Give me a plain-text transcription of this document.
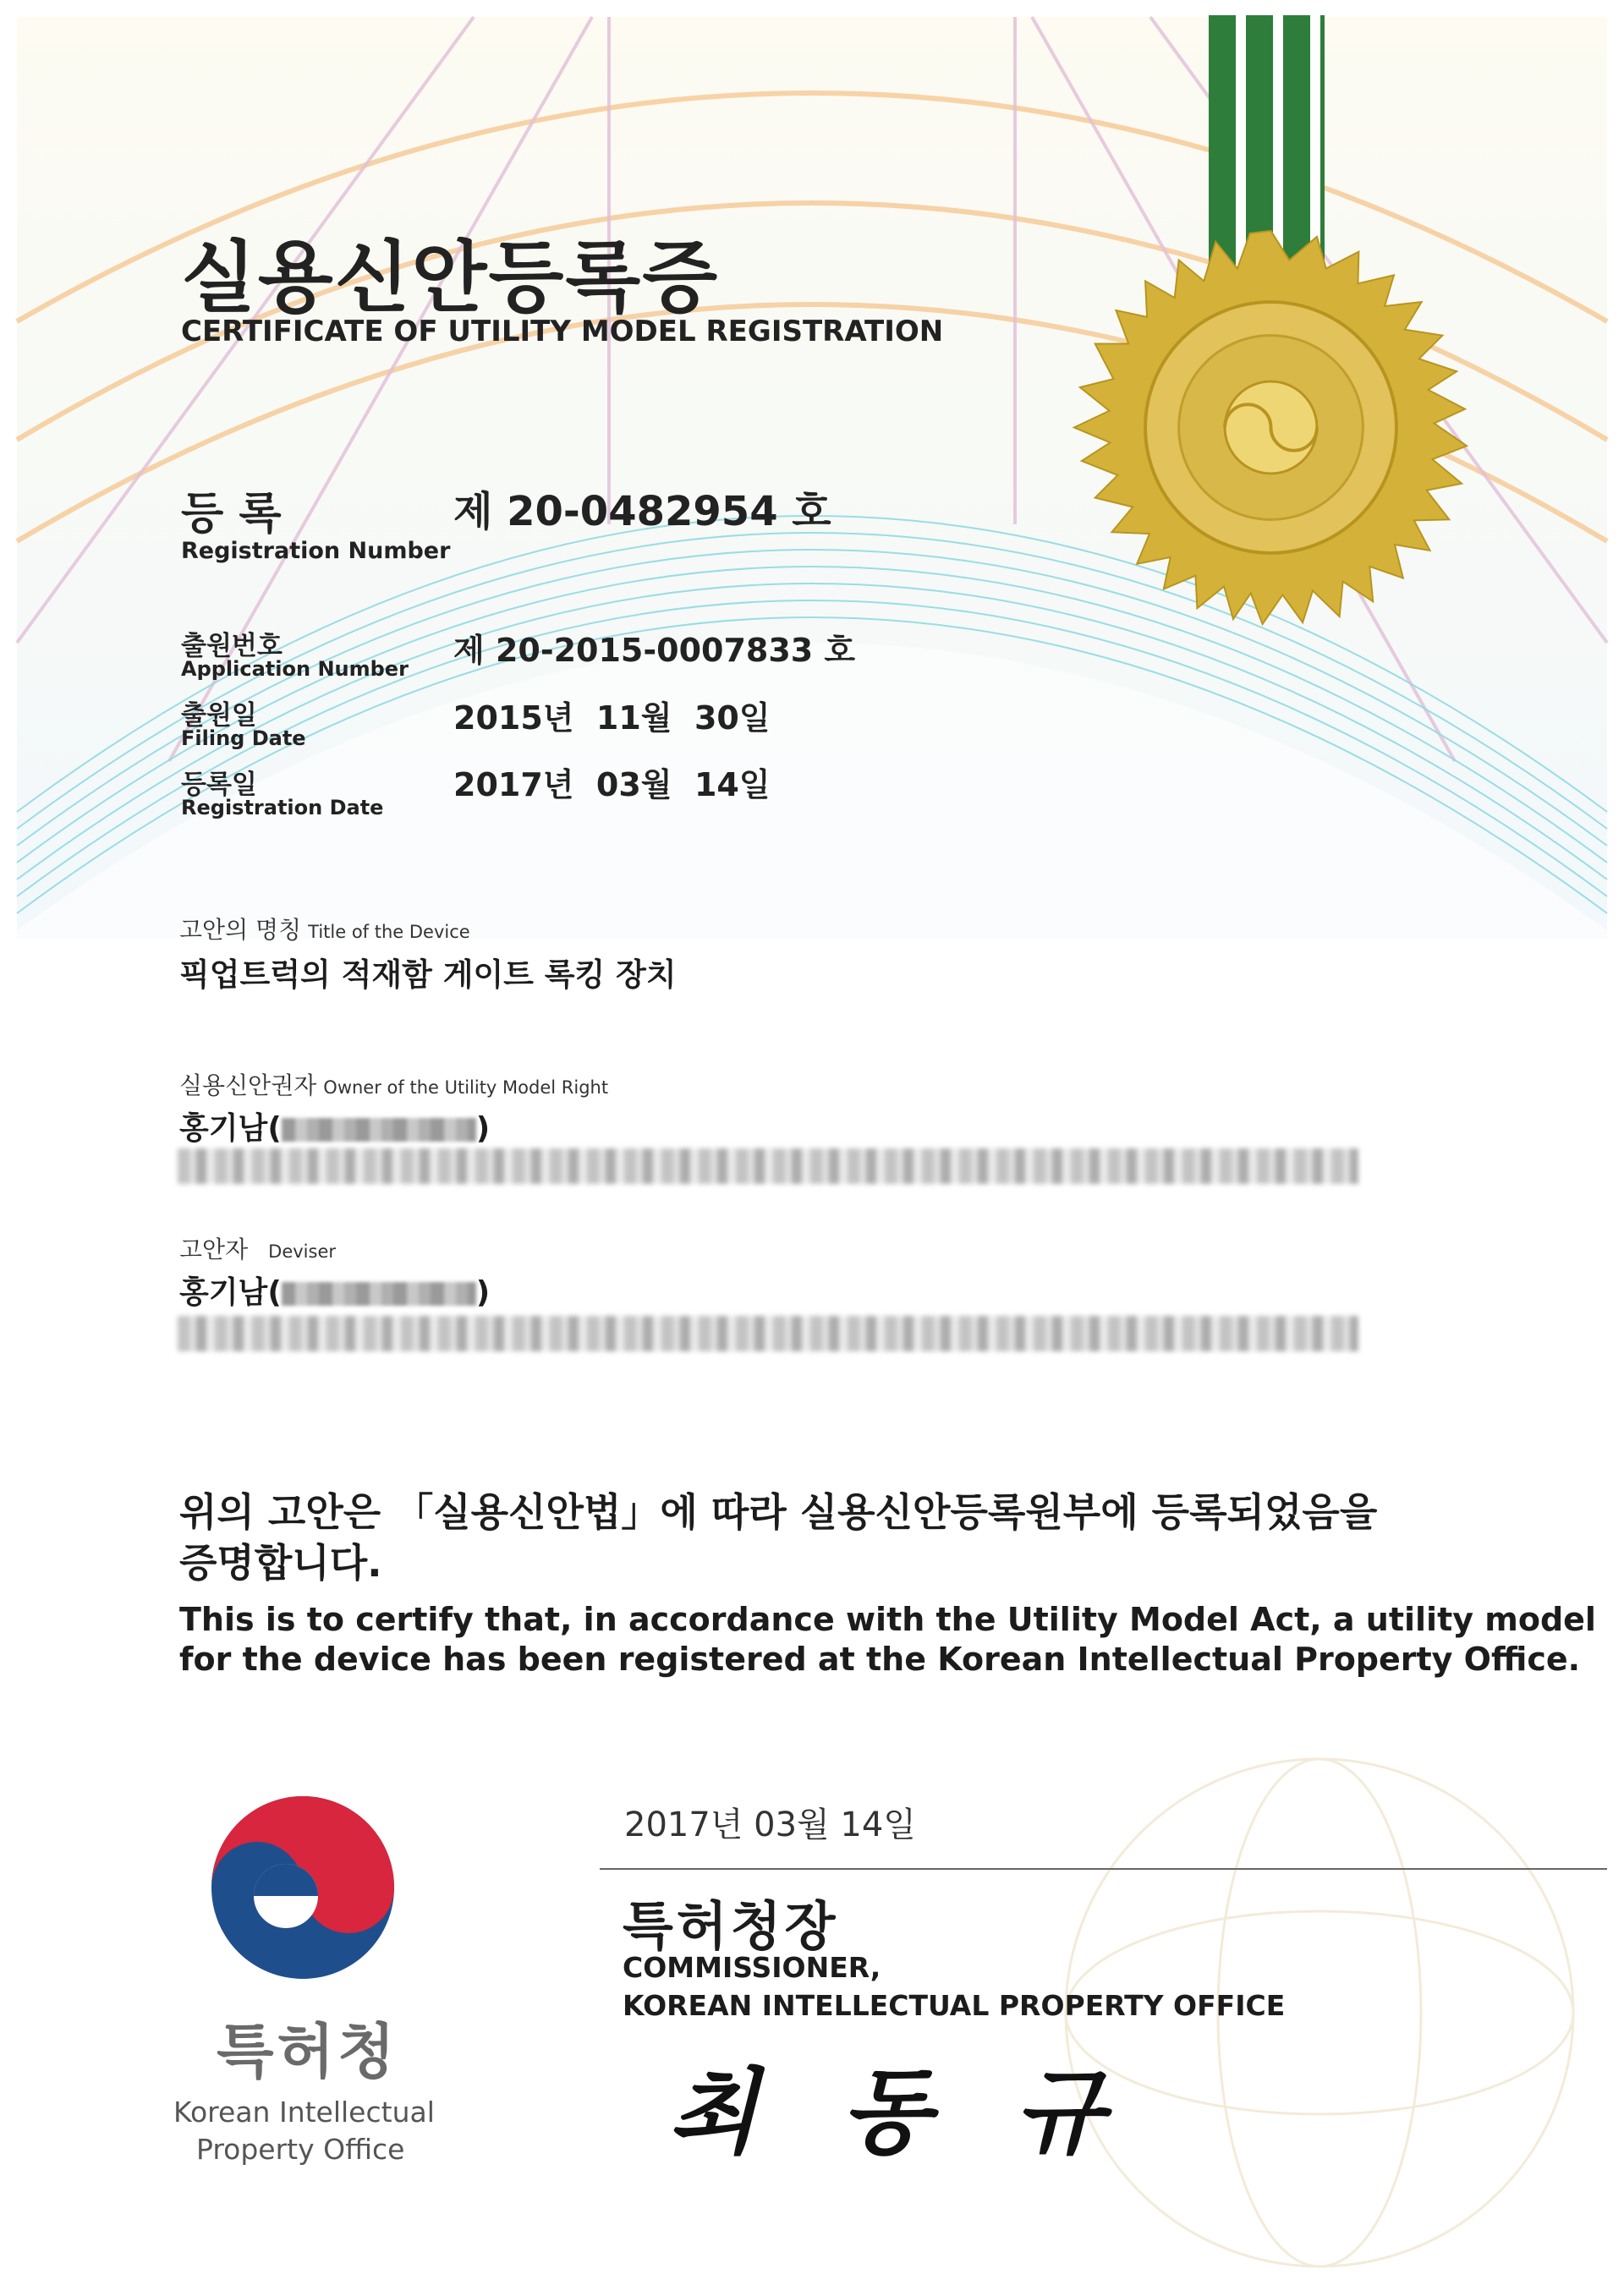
실용신안등록증
CERTIFICATE OF UTILITY MODEL REGISTRATION
등 록
Registration Number
제 20-0482954 호
출원번호
Application Number 제 20-2015-0007833 호
출원일
Filing Date
2015년  11월  30일
등록일
Registration Date
2017년  03월  14일
고안의 명칭 Title of the Device
픽업트럭의 적재함 게이트 록킹 장치
실용신안권자 Owner of the Utility Model Right
홍기남(	)
고안자 Deviser
홍기남(	)
위의 고안은 「실용신안법」에 따라 실용신안등록원부에 등록되었음을
증명합니다.
This is to certify that, in accordance with the Utility Model Act, a utility model
for the device has been registered at the Korean Intellectual Property Office.
2017년 03월 14일
특허청장
COMMISSIONER,
KOREAN INTELLECTUAL PROPERTY OFFICE
최 동 규
특허청
Korean Intellectual
Property Office
